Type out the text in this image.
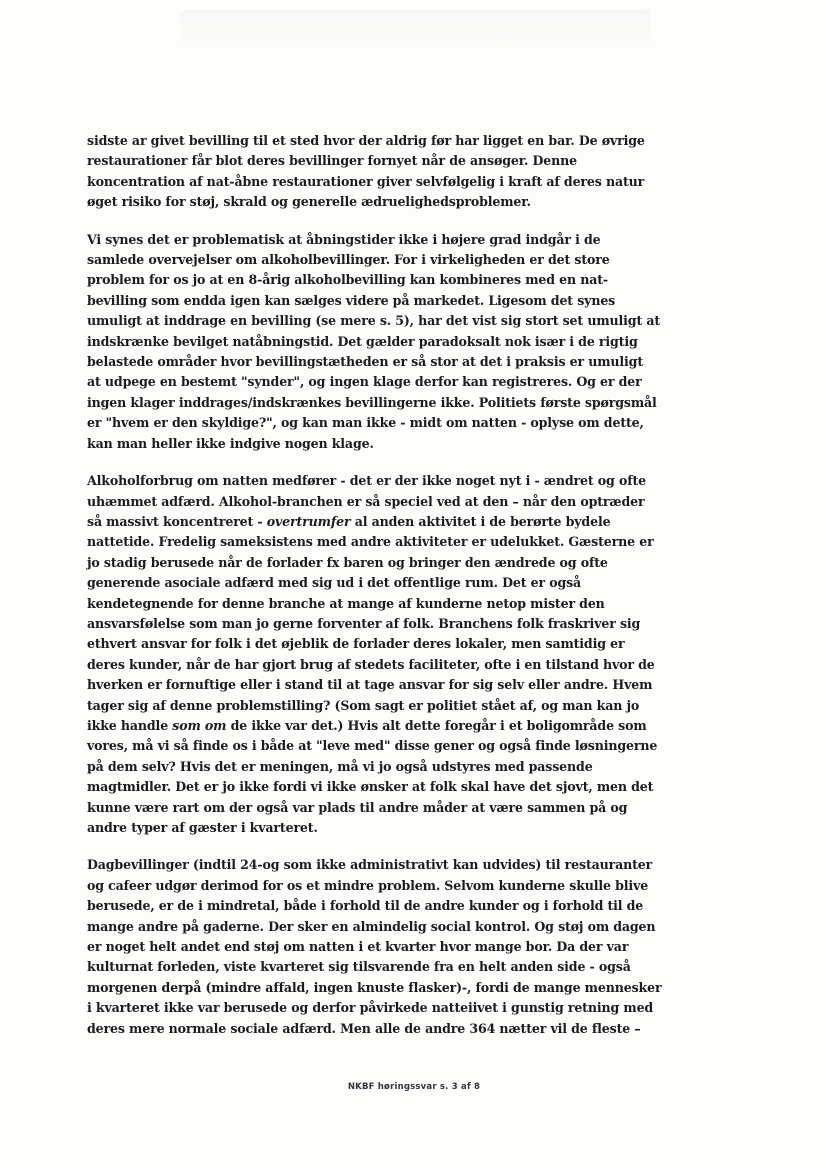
sidste ar givet bevilling til et sted hvor der aldrig før har ligget en bar. De øvrige
restaurationer får blot deres bevillinger fornyet når de ansøger. Denne
koncentration af nat-åbne restaurationer giver selvfølgelig i kraft af deres natur
øget risiko for støj, skrald og generelle ædruelighedsproblemer.

Vi synes det er problematisk at åbningstider ikke i højere grad indgår i de
samlede overvejelser om alkoholbevillinger. For i virkeligheden er det store
problem for os jo at en 8-årig alkoholbevilling kan kombineres med en nat-
bevilling som endda igen kan sælges videre på markedet. Ligesom det synes
umuligt at inddrage en bevilling (se mere s. 5), har det vist sig stort set umuligt at
indskrænke bevilget natåbningstid. Det gælder paradoksalt nok især i de rigtig
belastede områder hvor bevillingstætheden er så stor at det i praksis er umuligt
at udpege en bestemt "synder", og ingen klage derfor kan registreres. Og er der
ingen klager inddrages/indskrænkes bevillingerne ikke. Politiets første spørgsmål
er "hvem er den skyldige?", og kan man ikke - midt om natten - oplyse om dette,
kan man heller ikke indgive nogen klage.

Alkoholforbrug om natten medfører - det er der ikke noget nyt i - ændret og ofte
uhæmmet adfærd. Alkohol-branchen er så speciel ved at den – når den optræder
så massivt koncentreret - overtrumfer al anden aktivitet i de berørte bydele
nattetide. Fredelig sameksistens med andre aktiviteter er udelukket. Gæsterne er
jo stadig berusede når de forlader fx baren og bringer den ændrede og ofte
generende asociale adfærd med sig ud i det offentlige rum. Det er også
kendetegnende for denne branche at mange af kunderne netop mister den
ansvarsfølelse som man jo gerne forventer af folk. Branchens folk fraskriver sig
ethvert ansvar for folk i det øjeblik de forlader deres lokaler, men samtidig er
deres kunder, når de har gjort brug af stedets faciliteter, ofte i en tilstand hvor de
hverken er fornuftige eller i stand til at tage ansvar for sig selv eller andre. Hvem
tager sig af denne problemstilling? (Som sagt er politiet stået af, og man kan jo
ikke handle som om de ikke var det.) Hvis alt dette foregår i et boligområde som
vores, må vi så finde os i både at "leve med" disse gener og også finde løsningerne
på dem selv? Hvis det er meningen, må vi jo også udstyres med passende
magtmidler. Det er jo ikke fordi vi ikke ønsker at folk skal have det sjovt, men det
kunne være rart om der også var plads til andre måder at være sammen på og
andre typer af gæster i kvarteret.

Dagbevillinger (indtil 24-og som ikke administrativt kan udvides) til restauranter
og cafeer udgør derimod for os et mindre problem. Selvom kunderne skulle blive
berusede, er de i mindretal, både i forhold til de andre kunder og i forhold til de
mange andre på gaderne. Der sker en almindelig social kontrol. Og støj om dagen
er noget helt andet end støj om natten i et kvarter hvor mange bor. Da der var
kulturnat forleden, viste kvarteret sig tilsvarende fra en helt anden side - også
morgenen derpå (mindre affald, ingen knuste flasker)-, fordi de mange mennesker
i kvarteret ikke var berusede og derfor påvirkede natteiivet i gunstig retning med
deres mere normale sociale adfærd. Men alle de andre 364 nætter vil de fleste –

NKBF høringssvar s. 3 af 8
